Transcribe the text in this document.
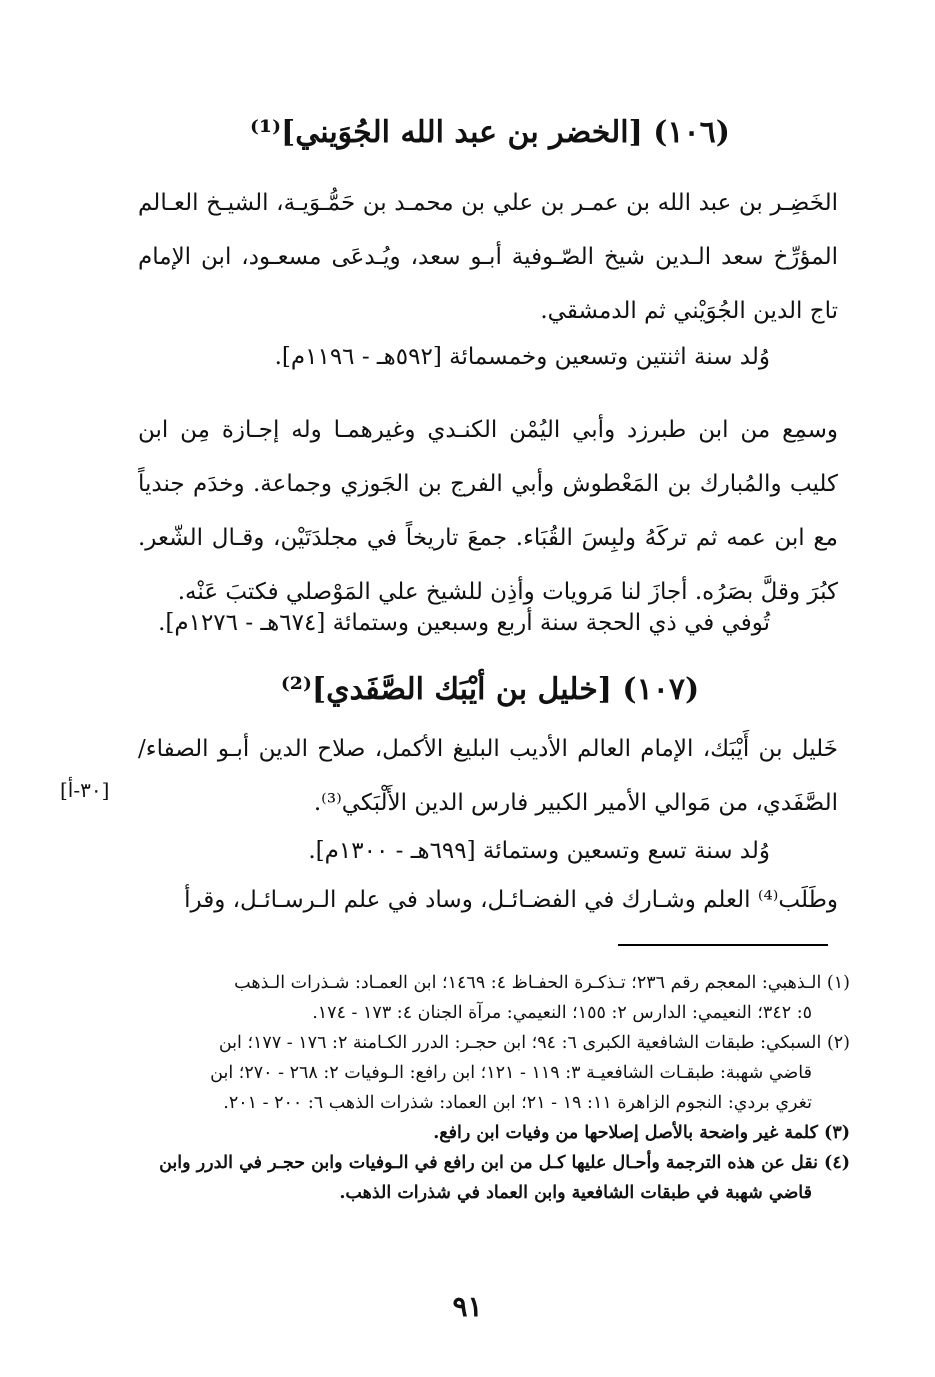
(١٠٦) [الخضر بن عبد الله الجُوَيني]⁽¹⁾
الخَضِـر بن عبد الله بن عمـر بن علي بن محمـد بن حَمُّـوَيـة، الشيـخ العـالم المؤرِّخ سعد الـدين شيخ الصّـوفية أبـو سعد، ويُـدعَى مسعـود، ابن الإمام تاج الدين الجُوَيْني ثم الدمشقي.
وُلد سنة اثنتين وتسعين وخمسمائة [٥٩٢هـ - ١١٩٦م].
وسمِع من ابن طبرزد وأبي اليُمْن الكنـدي وغيرهمـا وله إجـازة مِن ابن كليب والمُبارك بن المَعْطوش وأبي الفرج بن الجَوزي وجماعة. وخدَم جندياً مع ابن عمه ثم تركَهُ ولبِسَ القُبَاء. جمعَ تاريخاً في مجلدَتَيْن، وقـال الشّعر. كبُرَ وقلَّ بصَرُه. أجازَ لنا مَرويات وأذِن للشيخ علي المَوْصلي فكتبَ عَنْه.
تُوفي في ذي الحجة سنة أربع وسبعين وستمائة [٦٧٤هـ - ١٢٧٦م].
(١٠٧) [خليل بن أيْبَك الصَّفَدي]⁽²⁾
خَليل بن أَيْبَك، الإمام العالم الأديب البليغ الأكمل، صلاح الدين أبـو الصفاء/ الصَّفَدي، من مَوالي الأمير الكبير فارس الدين الأَلْبَكي⁽³⁾.
[٣٠-أ]
وُلد سنة تسع وتسعين وستمائة [٦٩٩هـ - ١٣٠٠م].
وطَلَب⁽⁴⁾ العلم وشـارك في الفضـائـل، وساد في علم الـرسـائـل، وقرأ
(١) الـذهبي: المعجم رقم ٢٣٦؛ تـذكـرة الحفـاظ ٤: ١٤٦٩؛ ابن العمـاد: شـذرات الـذهب
٥: ٣٤٢؛ النعيمي: الدارس ٢: ١٥٥؛ النعيمي: مرآة الجنان ٤: ١٧٣ - ١٧٤.
(٢) السبكي: طبقات الشافعية الكبرى ٦: ٩٤؛ ابن حجـر: الدرر الكـامنة ٢: ١٧٦ - ١٧٧؛ ابن
قاضي شهبة: طبقـات الشافعيـة ٣: ١١٩ - ١٢١؛ ابن رافع: الـوفيات ٢: ٢٦٨ - ٢٧٠؛ ابن
تغري بردي: النجوم الزاهرة ١١: ١٩ - ٢١؛ ابن العماد: شذرات الذهب ٦: ٢٠٠ - ٢٠١.
(٣) كلمة غير واضحة بالأصل إصلاحها من وفيات ابن رافع.
(٤) نقل عن هذه الترجمة وأحـال عليها كـل من ابن رافع في الـوفيات وابن حجـر في الدرر وابن
قاضي شهبة في طبقات الشافعية وابن العماد في شذرات الذهب.
٩١
